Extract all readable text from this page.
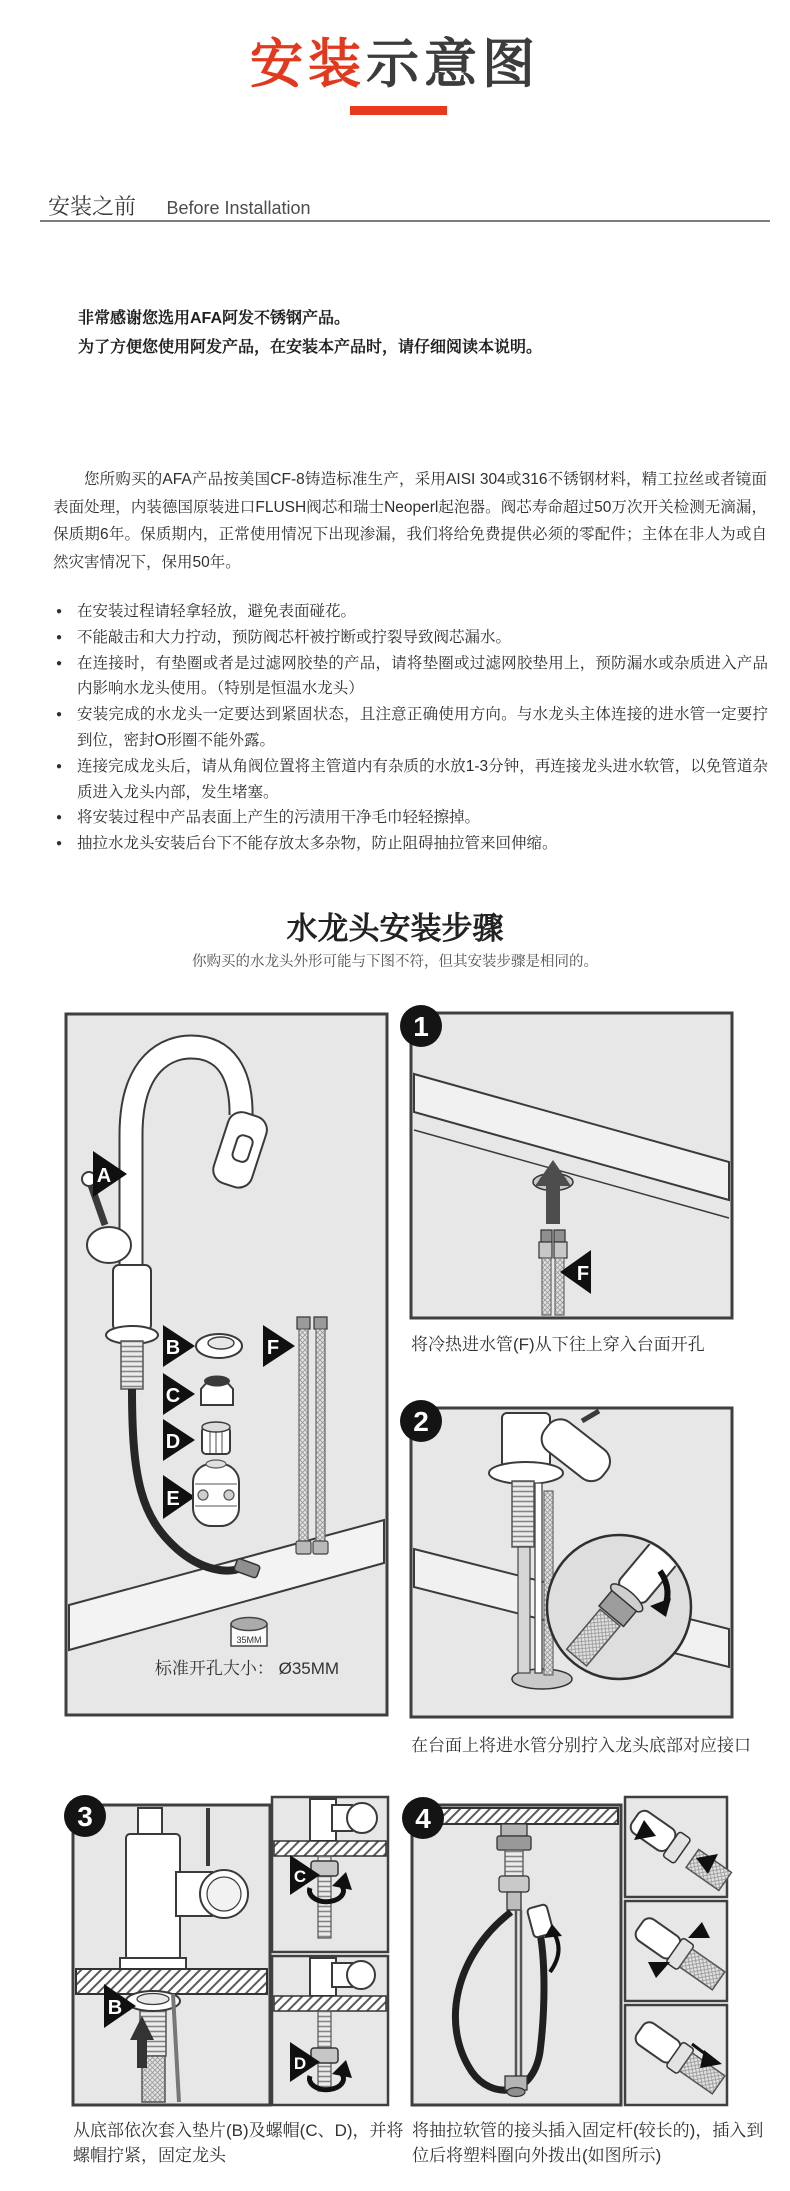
安装示意图
安装之前 Before Installation
非常感谢您选用AFA阿发不锈钢产品。
为了方便您使用阿发产品，在安装本产品时，请仔细阅读本说明。

您所购买的AFA产品按美国CF-8铸造标准生产，采用AISI 304或316不锈钢材料，精工拉丝或者镜面表面处理，内装德国原装进口FLUSH阀芯和瑞士Neoperl起泡器。阀芯寿命超过50万次开关检测无滴漏，保质期6年。保质期内，正常使用情况下出现渗漏，我们将给免费提供必须的零配件；主体在非人为或自然灾害情况下，保用50年。

● 在安装过程请轻拿轻放，避免表面碰花。
● 不能敲击和大力拧动，预防阀芯杆被拧断或拧裂导致阀芯漏水。
● 在连接时，有垫圈或者是过滤网胶垫的产品，请将垫圈或过滤网胶垫用上，预防漏水或杂质进入产品内影响水龙头使用。（特别是恒温水龙头）
● 安装完成的水龙头一定要达到紧固状态，且注意正确使用方向。与水龙头主体连接的进水管一定要拧到位，密封O形圈不能外露。
● 连接完成龙头后，请从角阀位置将主管道内有杂质的水放1-3分钟，再连接龙头进水软管，以免管道杂质进入龙头内部，发生堵塞。
● 将安装过程中产品表面上产生的污渍用干净毛巾轻轻擦掉。
● 抽拉水龙头安装后台下不能存放太多杂物，防止阻碍抽拉管来回伸缩。
水龙头安装步骤
你购买的水龙头外形可能与下图不符，但其安装步骤是相同的。
A
B
C
D
E
F
35MM
标准开孔大小： Ø35MM
F
B
C
D
1
2
3	4
将冷热进水管(F)从下往上穿入台面开孔
在台面上将进水管分别拧入龙头底部对应接口
从底部依次套入垫片(B)及螺帽(C、D)，并将螺帽拧紧，固定龙头
将抽拉软管的接头插入固定杆(较长的)，插入到位后将塑料圈向外拨出(如图所示)
